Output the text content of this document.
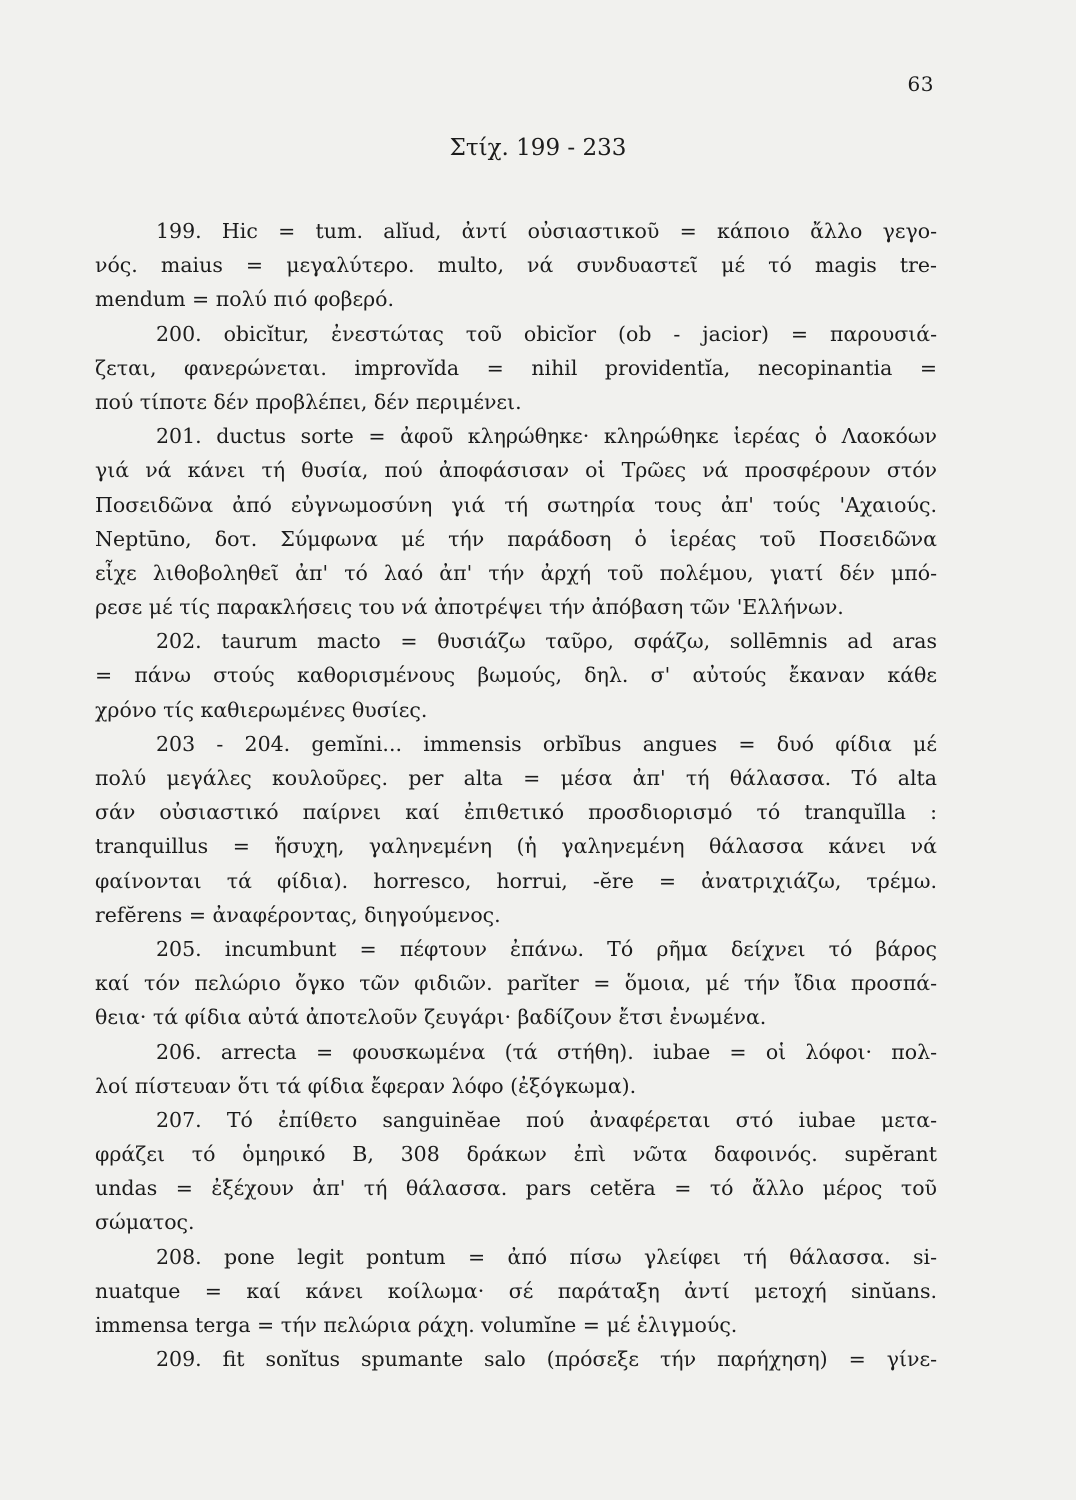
63
Στίχ. 199 - 233
199. Hic = tum. alĭud, ἀντί οὐσιαστικοῦ = κάποιο ἄλλο γεγο-
νός. maius = μεγαλύτερο. multo, νά συνδυαστεῖ μέ τό magis tre-
mendum = πολύ πιό φοβερό.
200. obicĭtur, ἐνεστώτας τοῦ obicĭor (ob - jacior) = παρουσιά-
ζεται, φανερώνεται. improvĭda = nihil providentĭa, necopinantia =
πού τίποτε δέν προβλέπει, δέν περιμένει.
201. ductus sorte = ἀφοῦ κληρώθηκε· κληρώθηκε ἱερέας ὁ Λαοκόων
γιά νά κάνει τή θυσία, πού ἀποφάσισαν οἱ Τρῶες νά προσφέρουν στόν
Ποσειδῶνα ἀπό εὐγνωμοσύνη γιά τή σωτηρία τους ἀπ' τούς 'Αχαιούς.
Neptūno, δοτ. Σύμφωνα μέ τήν παράδοση ὁ ἱερέας τοῦ Ποσειδῶνα
εἶχε λιθοβοληθεῖ ἀπ' τό λαό ἀπ' τήν ἀρχή τοῦ πολέμου, γιατί δέν μπό-
ρεσε μέ τίς παρακλήσεις του νά ἀποτρέψει τήν ἀπόβαση τῶν 'Ελλήνων.
202. taurum macto = θυσιάζω ταῦρο, σφάζω, sollēmnis ad aras
= πάνω στούς καθορισμένους βωμούς, δηλ. σ' αὐτούς ἔκαναν κάθε
χρόνο τίς καθιερωμένες θυσίες.
203 - 204. gemĭni... immensis orbĭbus angues = δυό φίδια μέ
πολύ μεγάλες κουλοῦρες. per alta = μέσα ἀπ' τή θάλασσα. Τό alta
σάν οὐσιαστικό παίρνει καί ἐπιθετικό προσδιορισμό τό tranquĭlla :
tranquillus = ἥσυχη, γαληνεμένη (ἡ γαληνεμένη θάλασσα κάνει νά
φαίνονται τά φίδια). horresco, horrui, -ĕre = ἀνατριχιάζω, τρέμω.
refĕrens = ἀναφέροντας, διηγούμενος.
205. incumbunt = πέφτουν ἐπάνω. Τό ρῆμα δείχνει τό βάρος
καί τόν πελώριο ὄγκο τῶν φιδιῶν. parĭter = ὅμοια, μέ τήν ἴδια προσπά-
θεια· τά φίδια αὐτά ἀποτελοῦν ζευγάρι· βαδίζουν ἔτσι ἑνωμένα.
206. arrecta = φουσκωμένα (τά στήθη). iubae = οἱ λόφοι· πολ-
λοί πίστευαν ὅτι τά φίδια ἔφεραν λόφο (ἐξόγκωμα).
207. Τό ἐπίθετο sanguinĕae πού ἀναφέρεται στό iubae μετα-
φράζει τό ὁμηρικό Β, 308 δράκων ἐπὶ νῶτα δαφοινός. supĕrant
undas = ἐξέχουν ἀπ' τή θάλασσα. pars cetĕra = τό ἄλλο μέρος τοῦ
σώματος.
208. pone legit pontum = ἀπό πίσω γλείφει τή θάλασσα. si-
nuatque = καί κάνει κοίλωμα· σέ παράταξη ἀντί μετοχή sinŭans.
immensa terga = τήν πελώρια ράχη. volumĭne = μέ ἑλιγμούς.
209. fit sonĭtus spumante salo (πρόσεξε τήν παρήχηση) = γίνε-
